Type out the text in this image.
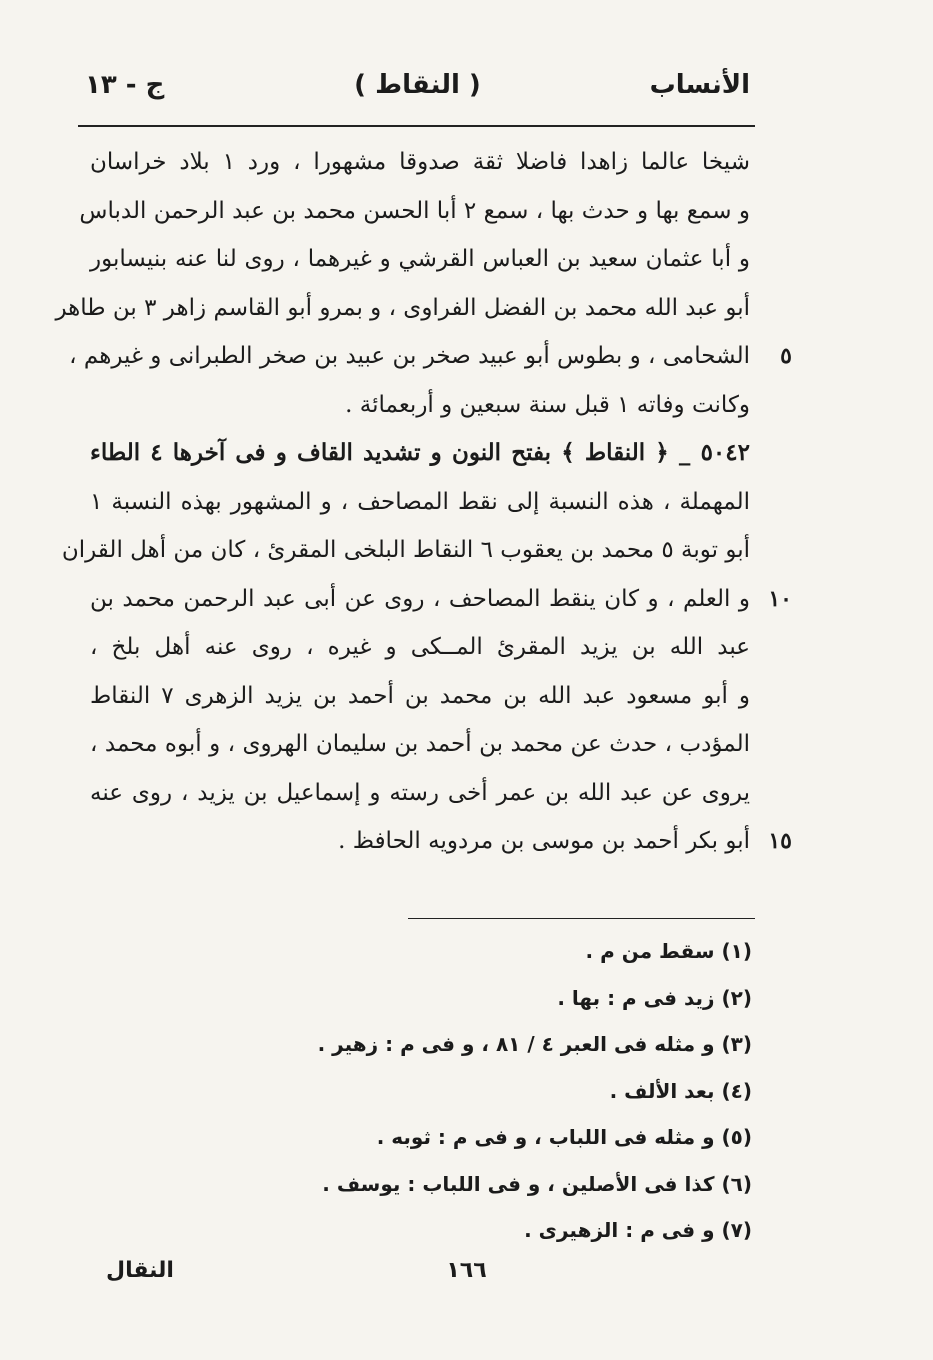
الأنساب
( النقاط )
ج - ١٣
شيخا عالما زاهدا فاضلا ثقة صدوقا مشهورا ، ورد ١ بلاد خراسان
و سمع بها و حدث بها ، سمع ٢ أبا الحسن محمد بن عبد الرحمن الدباس
و أبا عثمان سعيد بن العباس القرشي و غيرهما ، روى لنا عنه بنيسابور
أبو عبد الله محمد بن الفضل الفراوى ، و بمرو أبو القاسم زاهر ٣ بن طاهر
٥
الشحامى ، و بطوس أبو عبيد صخر بن عبيد بن صخر الطبرانى و غيرهم ،
وكانت وفاته ١ قبل سنة سبعين و أربعمائة .
٥٠٤٢ _ ﴿ النقاط ﴾ بفتح النون و تشديد القاف و فى آخرها ٤ الطاء
المهملة ، هذه النسبة إلى نقط المصاحف ، و المشهور بهذه النسبة ١
أبو توبة ٥ محمد بن يعقوب ٦ النقاط البلخى المقرئ ، كان من أهل القران
١٠
و العلم ، و كان ينقط المصاحف ، روى عن أبى عبد الرحمن محمد بن
عبد الله بن يزيد المقرئ المــكى و غيره ، روى عنه أهل بلخ ،
و أبو مسعود عبد الله بن محمد بن أحمد بن يزيد الزهرى ٧ النقاط
المؤدب ، حدث عن محمد بن أحمد بن سليمان الهروى ، و أبوه محمد ،
يروى عن عبد الله بن عمر أخى رسته و إسماعيل بن يزيد ، روى عنه
١٥
أبو بكر أحمد بن موسى بن مردويه الحافظ .
(١) سقط من م .
(٢) زيد فى م : بها .
(٣) و مثله فى العبر ٤ / ٨١ ، و فى م : زهير .
(٤) بعد الألف .
(٥) و مثله فى اللباب ، و فى م : ثوبه .
(٦) كذا فى الأصلين ، و فى اللباب : يوسف .
(٧) و فى م : الزهيرى .
١٦٦
النقال
